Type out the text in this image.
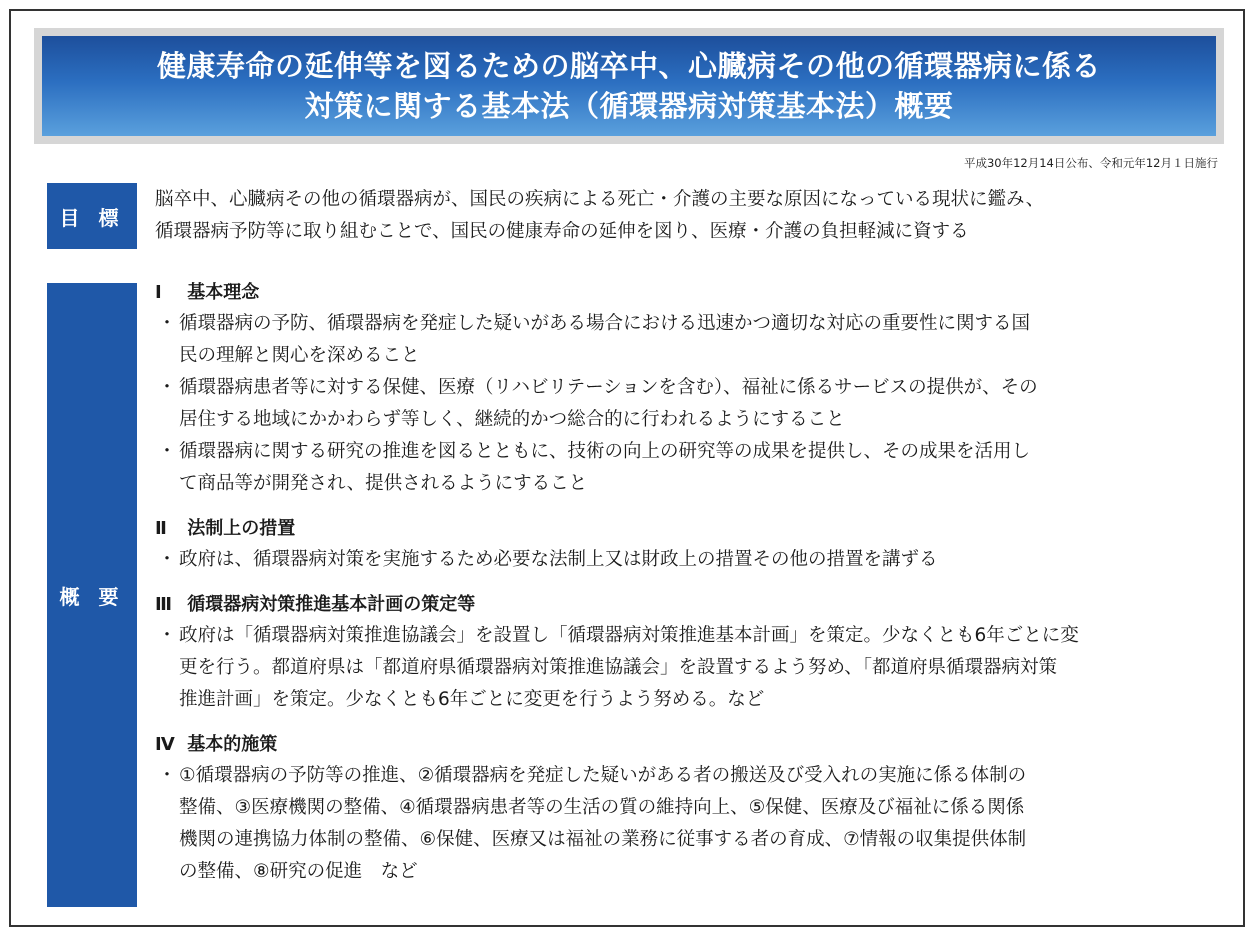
健康寿命の延伸等を図るための脳卒中、心臓病その他の循環器病に係る
対策に関する基本法（循環器病対策基本法）概要
平成30年12月14日公布、令和元年12月１日施行
目 標
脳卒中、心臓病その他の循環器病が、国民の疾病による死亡・介護の主要な原因になっている現状に鑑み、
循環器病予防等に取り組むことで、国民の健康寿命の延伸を図り、医療・介護の負担軽減に資する
概 要
Ⅰ 基本理念
・ 循環器病の予防、循環器病を発症した疑いがある場合における迅速かつ適切な対応の重要性に関する国
民の理解と関心を深めること
・ 循環器病患者等に対する保健、医療（リハビリテーションを含む）、福祉に係るサービスの提供が、その
居住する地域にかかわらず等しく、継続的かつ総合的に行われるようにすること
・ 循環器病に関する研究の推進を図るとともに、技術の向上の研究等の成果を提供し、その成果を活用し
て商品等が開発され、提供されるようにすること
Ⅱ 法制上の措置
・ 政府は、循環器病対策を実施するため必要な法制上又は財政上の措置その他の措置を講ずる
Ⅲ 循環器病対策推進基本計画の策定等
・ 政府は「循環器病対策推進協議会」を設置し「循環器病対策推進基本計画」を策定。少なくとも6年ごとに変
更を行う。都道府県は「都道府県循環器病対策推進協議会」を設置するよう努め、「都道府県循環器病対策
推進計画」を策定。少なくとも6年ごとに変更を行うよう努める。など
Ⅳ 基本的施策
・ ①循環器病の予防等の推進、②循環器病を発症した疑いがある者の搬送及び受入れの実施に係る体制の
整備、③医療機関の整備、④循環器病患者等の生活の質の維持向上、⑤保健、医療及び福祉に係る関係
機関の連携協力体制の整備、⑥保健、医療又は福祉の業務に従事する者の育成、⑦情報の収集提供体制
の整備、⑧研究の促進　など
